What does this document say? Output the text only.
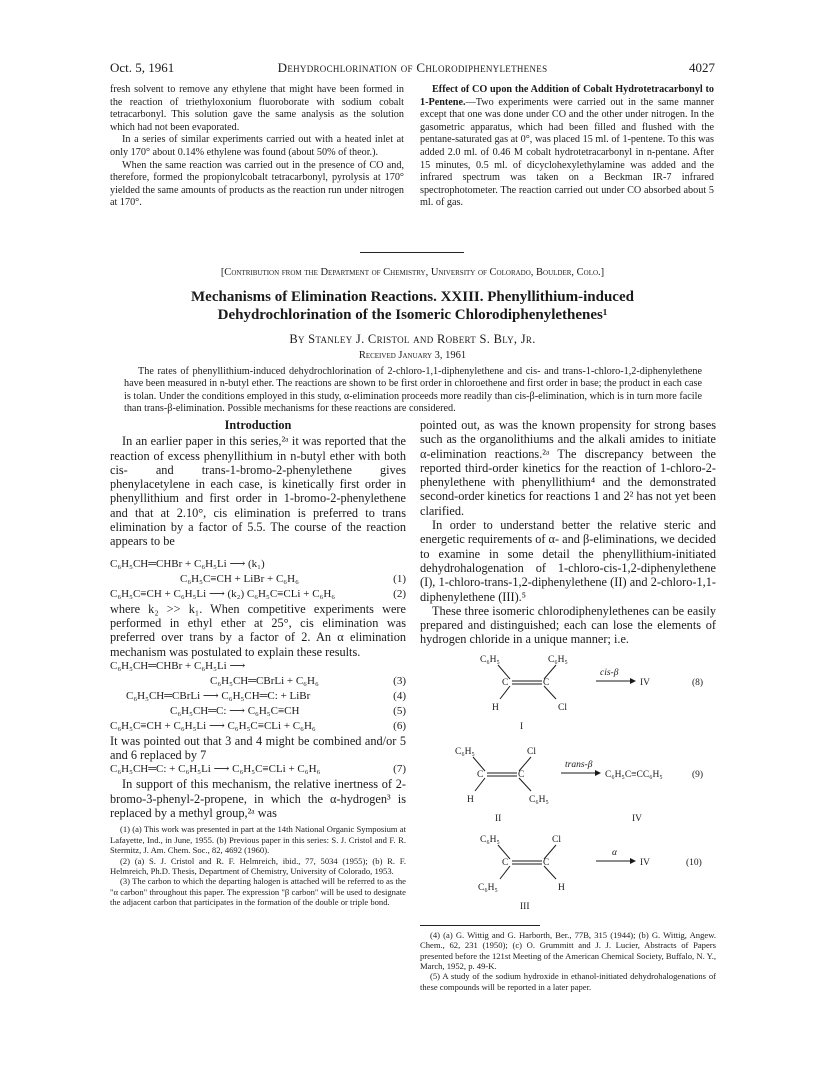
Oct. 5, 1961	Dehydrochlorination of Chlorodiphenylethenes	4027

fresh solvent to remove any ethylene that might have been formed in the reaction of triethyloxonium fluoroborate with sodium cobalt tetracarbonyl. This solution gave the same analysis as the solution which had not been evaporated.

In a series of similar experiments carried out with a heated inlet at only 170° about 0.14% ethylene was found (about 50% of theor.).

When the same reaction was carried out in the presence of CO and, therefore, formed the propionylcobalt tetracarbonyl, pyrolysis at 170° yielded the same amounts of products as the reaction run under nitrogen at 170°.

Effect of CO upon the Addition of Cobalt Hydrotetracarbonyl to 1-Pentene.—Two experiments were carried out in the same manner except that one was done under CO and the other under nitrogen. In the gasometric apparatus, which had been filled and flushed with the pentane-saturated gas at 0°, was placed 15 ml. of 1-pentene. To this was added 2.0 ml. of 0.46 M cobalt hydrotetracarbonyl in n-pentane. After 15 minutes, 0.5 ml. of dicyclohexylethylamine was added and the infrared spectrum was taken on a Beckman IR-7 infrared spectrophotometer. The reaction carried out under CO absorbed about 5 ml. of gas.

[Contribution from the Department of Chemistry, University of Colorado, Boulder, Colo.]
Mechanisms of Elimination Reactions. XXIII. Phenyllithium-induced
Dehydrochlorination of the Isomeric Chlorodiphenylethenes¹
By Stanley J. Cristol and Robert S. Bly, Jr.
Received January 3, 1961
The rates of phenyllithium-induced dehydrochlorination of 2-chloro-1,1-diphenylethene and cis- and trans-1-chloro-1,2-diphenylethene have been measured in n-butyl ether. The reactions are shown to be first order in chloroethene and first order in base; the product in each case is tolan. Under the conditions employed in this study, α-elimination proceeds more readily than cis-β-elimination, which is in turn more facile than trans-β-elimination. Possible mechanisms for these reactions are considered.
Introduction

In an earlier paper in this series,²ᵃ it was reported that the reaction of excess phenyllithium in n-butyl ether with both cis- and trans-1-bromo-2-phenylethene gives phenylacetylene in each case, is kinetically first order in phenyllithium and first order in 1-bromo-2-phenylethene and that at 2.10°, cis elimination is preferred to trans elimination by a factor of 5.5. The course of the reaction appears to be

C₆H₅CH═CHBr + C₆H₅Li ⟶ (k₁)
C₆H₅C≡CH + LiBr + C₆H₆	(1)
C₆H₅C≡CH + C₆H₅Li ⟶ (k₂) C₆H₅C≡CLi + C₆H₆	(2)

where k₂ >> k₁. When competitive experiments were performed in ethyl ether at 25°, cis elimination was preferred over trans by a factor of 2. An α elimination mechanism was postulated to explain these results.

C₆H₅CH═CHBr + C₆H₅Li ⟶
C₆H₅CH═CBrLi + C₆H₆	(3)
C₆H₅CH═CBrLi ⟶ C₆H₅CH═C: + LiBr	(4)
C₆H₅CH═C: ⟶ C₆H₅C≡CH	(5)
C₆H₅C≡CH + C₆H₅Li ⟶ C₆H₅C≡CLi + C₆H₆	(6)

It was pointed out that 3 and 4 might be combined and/or 5 and 6 replaced by 7

C₆H₅CH═C: + C₆H₅Li ⟶ C₆H₅C≡CLi + C₆H₆	(7)

In support of this mechanism, the relative inertness of 2-bromo-3-phenyl-2-propene, in which the α-hydrogen³ is replaced by a methyl group,²ᵃ was

(1) (a) This work was presented in part at the 14th National Organic Symposium at Lafayette, Ind., in June, 1955. (b) Previous paper in this series: S. J. Cristol and F. R. Stermitz, J. Am. Chem. Soc., 82, 4692 (1960).

(2) (a) S. J. Cristol and R. F. Helmreich, ibid., 77, 5034 (1955); (b) R. F. Helmreich, Ph.D. Thesis, Department of Chemistry, University of Colorado, 1953.

(3) The carbon to which the departing halogen is attached will be referred to as the "α carbon" throughout this paper. The expression "β carbon" will be used to designate the adjacent carbon that participates in the formation of the double or triple bond.

pointed out, as was the known propensity for strong bases such as the organolithiums and the alkali amides to initiate α-elimination reactions.²ᵃ The discrepancy between the reported third-order kinetics for the reaction of 1-chloro-2-phenylethene with phenyllithium⁴ and the demonstrated second-order kinetics for reactions 1 and 2² has not yet been clarified.

In order to understand better the relative steric and energetic requirements of α- and β-eliminations, we decided to examine in some detail the phenyllithium-initiated dehydrohalogenation of 1-chloro-cis-1,2-diphenylethene (I), 1-chloro-trans-1,2-diphenylethene (II) and 2-chloro-1,1-diphenylethene (III).⁵

These three isomeric chlorodiphenylethenes can be easily prepared and distinguished; each can lose the elements of hydrogen chloride in a unique manner; i.e.

C	C
C₆H₅	C₆H₅
H	Cl
I
cis-β
IV	(8)
C	C
C₆H₅	Cl
H	C₆H₅
II
trans-β
C₆H₅C≡CC₆H₅
IV
(9)
C	C
C₆H₅	Cl
C₆H₅	H
III
α
IV	(10)

(4) (a) G. Wittig and G. Harborth, Ber., 77B, 315 (1944); (b) G. Wittig, Angew. Chem., 62, 231 (1950); (c) O. Grummitt and J. J. Lucier, Abstracts of Papers presented before the 121st Meeting of the American Chemical Society, Buffalo, N. Y., March, 1952, p. 49-K.

(5) A study of the sodium hydroxide in ethanol-initiated dehydrohalogenations of these compounds will be reported in a later paper.
